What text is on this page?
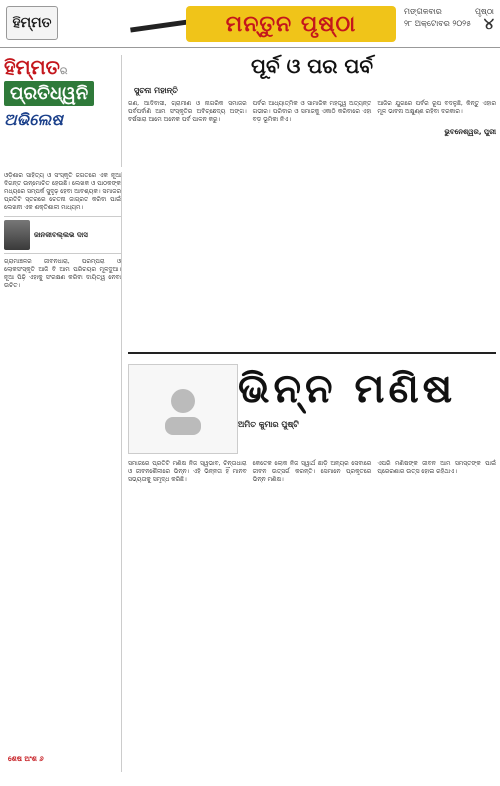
ହିମ୍ମତ	ମନ୍ତୁନ ପୃଷ୍ଠା	ମଙ୍ଗଳବାର	ପୃଷ୍ଠା
୨୮ ଅକ୍ଟୋବର ୨୦୨୫ ୪
ହିମ୍ମତର
ପ୍ରତିଧ୍ୱନି
ଅଭିଲେଷ
ଓଡ଼ିଶାର ସାହିତ୍ୟ ଓ ସଂସ୍କୃତି ଜଗତରେ ଏକ ନୂଆ ଦିଗନ୍ତ ଉନ୍ମୋଚିତ ହେଉଛି। ଲେଖକ ଓ ପାଠକଙ୍କ ମଧ୍ୟରେ ସମ୍ପର୍କ ସୁଦୃଢ଼ ହେବା ଆବଶ୍ୟକ। ସମାଜର ପ୍ରତିଟି ସ୍ତରରେ ଚେତନା ଜାଗ୍ରତ କରିବା ପାଇଁ ଲେଖନୀ ଏକ ଶକ୍ତିଶାଳୀ ମାଧ୍ୟମ।
ଜାନକୀବଲ୍ଲଭ ଦାସ
ଗ୍ରାମାଞ୍ଚଳର ଜୀବନଧାରା, ପରମ୍ପରା ଓ ଲୋକସଂସ୍କୃତି ଆଜି ବି ଆମ ପରିଚୟର ମୂଳଦୁଆ। ନୂଆ ପିଢ଼ି ଏହାକୁ ସଂରକ୍ଷଣ କରିବା ଦାୟିତ୍ୱ ନେବା ଉଚିତ।
ଶେଷ ଅଂଶ ୬
ପୂର୍ବ ଓ ପର ପର୍ବ
ସୁଚନା ମହାନ୍ତି
ଗଣ, ଆଦିବାସୀ, ଗ୍ରାମୀଣ ଓ ନାଗରିକ ସମାଜର ପର୍ବପର୍ବାଣି ଆମ ସଂସ୍କୃତିର ଅବିଚ୍ଛେଦ୍ୟ ଅଙ୍ଗ। ବର୍ଷସାରା ଆମେ ଅନେକ ପର୍ବ ପାଳନ କରୁ।
ପର୍ବର ଆଧ୍ୟାତ୍ମିକ ଓ ସାମାଜିକ ମହତ୍ତ୍ୱ ଅତ୍ୟନ୍ତ ଗଭୀର। ପରିବାର ଓ ସମାଜକୁ ଏକାଠି କରିବାରେ ଏହା ବଡ଼ ଭୂମିକା ନିଏ।
ଆଜିର ଯୁଗରେ ପର୍ବର ରୂପ ବଦଳୁଛି, କିନ୍ତୁ ଏହାର ମୂଳ ଭାବନା ଅକ୍ଷୁଣ୍ଣ ରହିବା ଦରକାର।
ଭୁବନେଶ୍ୱର, ପୁରୀ
ଭିନ୍ନ ମଣିଷ
ଅମିତ କୁମାର ପୁଷ୍ଟି
ସମାଜରେ ପ୍ରତିଟି ମଣିଷ ନିଜ ସ୍ୱଭାବ, ଚିନ୍ତାଧାରା ଓ ଜୀବନଶୈଳୀରେ ଭିନ୍ନ। ଏହି ଭିନ୍ନତା ହିଁ ମାନବ ସଭ୍ୟତାକୁ ସମୃଦ୍ଧ କରିଛି।
କେତେକ ଲୋକ ନିଜ ସ୍ୱାର୍ଥ ଛାଡ଼ି ଅନ୍ୟର ସେବାରେ ଜୀବନ ଉତ୍ସର୍ଗ କରନ୍ତି। ସେମାନେ ପ୍ରକୃତରେ ଭିନ୍ନ ମଣିଷ।
ଏପରି ମଣିଷଙ୍କ ଜୀବନ ଆମ ସମସ୍ତଙ୍କ ପାଇଁ ପ୍ରେରଣାର ଉତ୍ସ ହୋଇ ରହିଥାଏ।
